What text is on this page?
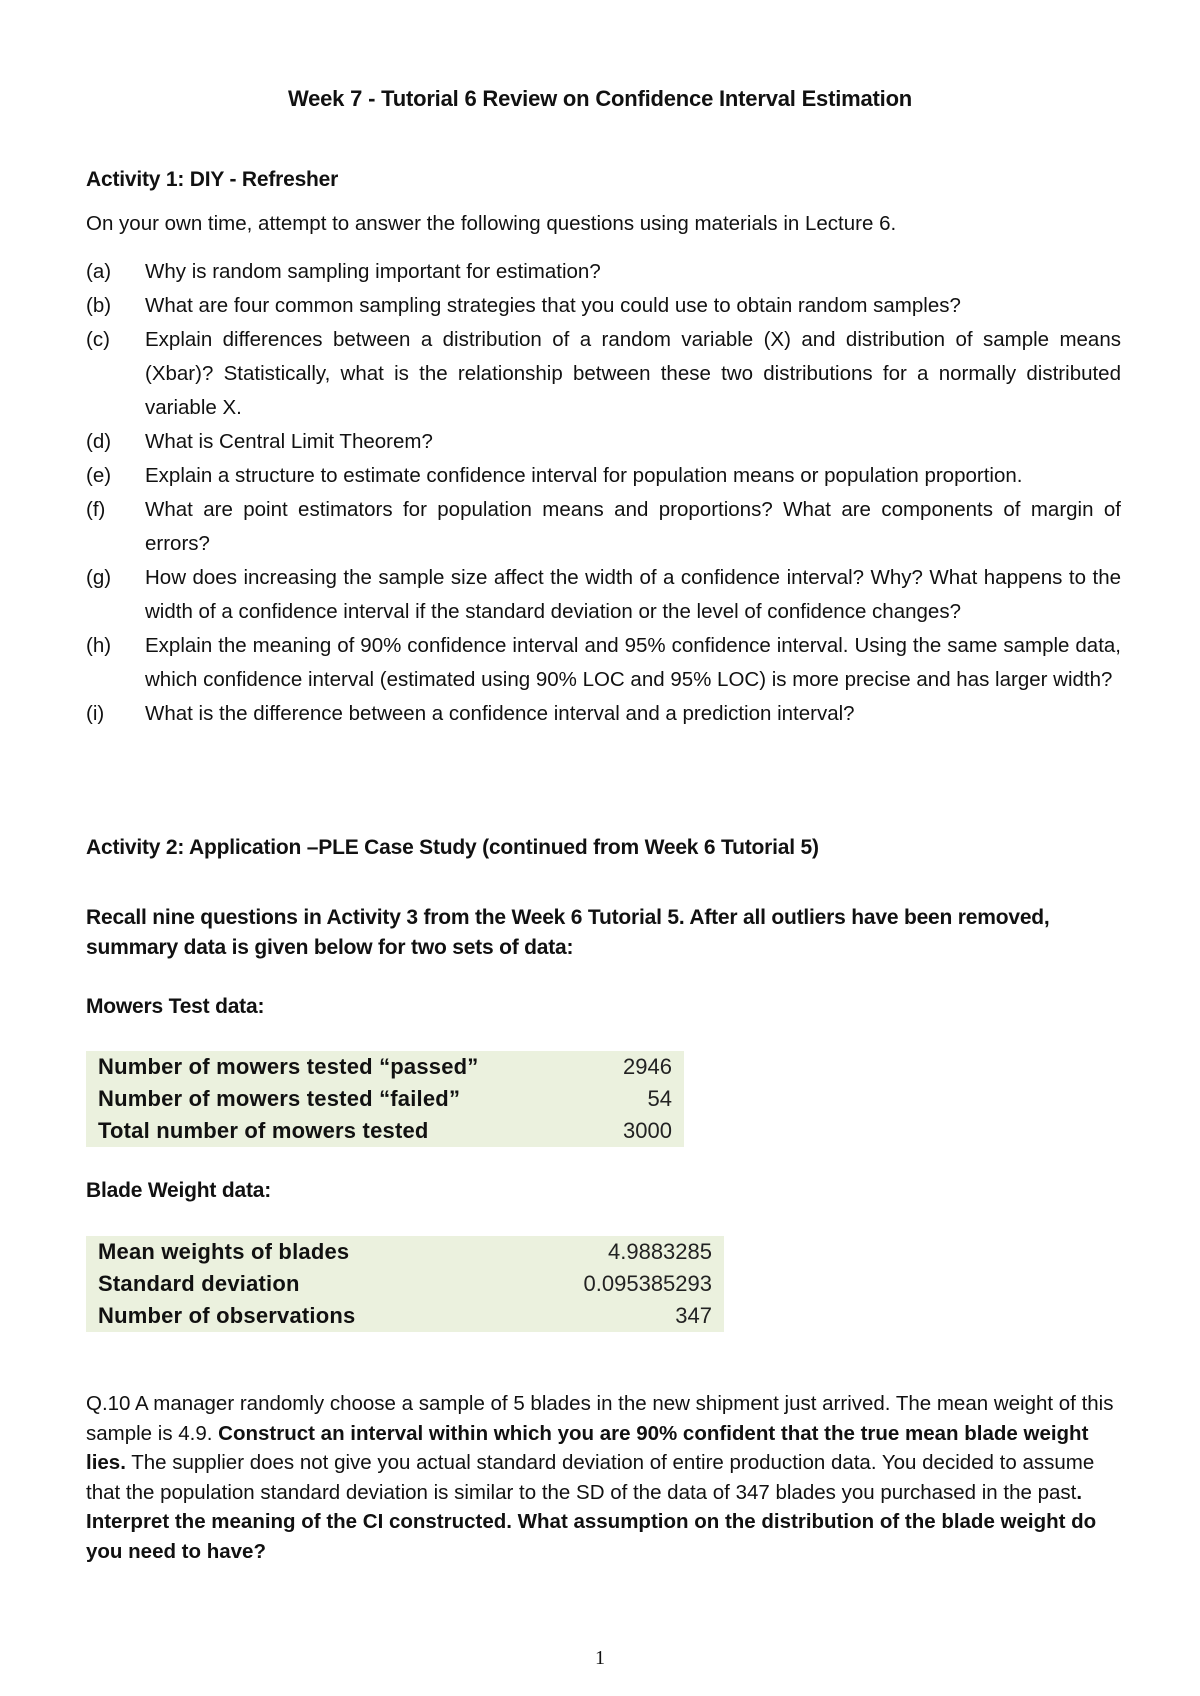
Week 7 - Tutorial 6 Review on Confidence Interval Estimation
Activity 1: DIY - Refresher
On your own time, attempt to answer the following questions using materials in Lecture 6.
(a) Why is random sampling important for estimation?
(b) What are four common sampling strategies that you could use to obtain random samples?
(c) Explain differences between a distribution of a random variable (X) and distribution of sample means (Xbar)? Statistically, what is the relationship between these two distributions for a normally distributed variable X.
(d) What is Central Limit Theorem?
(e) Explain a structure to estimate confidence interval for population means or population proportion.
(f) What are point estimators for population means and proportions? What are components of margin of errors?
(g) How does increasing the sample size affect the width of a confidence interval? Why? What happens to the width of a confidence interval if the standard deviation or the level of confidence changes?
(h) Explain the meaning of 90% confidence interval and 95% confidence interval. Using the same sample data, which confidence interval (estimated using 90% LOC and 95% LOC) is more precise and has larger width?
(i) What is the difference between a confidence interval and a prediction interval?
Activity 2: Application –PLE Case Study (continued from Week 6 Tutorial 5)
Recall nine questions in Activity 3 from the Week 6 Tutorial 5. After all outliers have been removed, summary data is given below for two sets of data:
Mowers Test data:
Number of mowers tested “passed”	2946
Number of mowers tested “failed”	54
Total number of mowers tested	3000
Blade Weight data:
Mean weights of blades	4.9883285
Standard deviation	0.095385293
Number of observations	347
Q.10 A manager randomly choose a sample of 5 blades in the new shipment just arrived. The mean weight of this sample is 4.9. Construct an interval within which you are 90% confident that the true mean blade weight lies. The supplier does not give you actual standard deviation of entire production data. You decided to assume that the population standard deviation is similar to the SD of the data of 347 blades you purchased in the past. Interpret the meaning of the CI constructed. What assumption on the distribution of the blade weight do you need to have?
1
